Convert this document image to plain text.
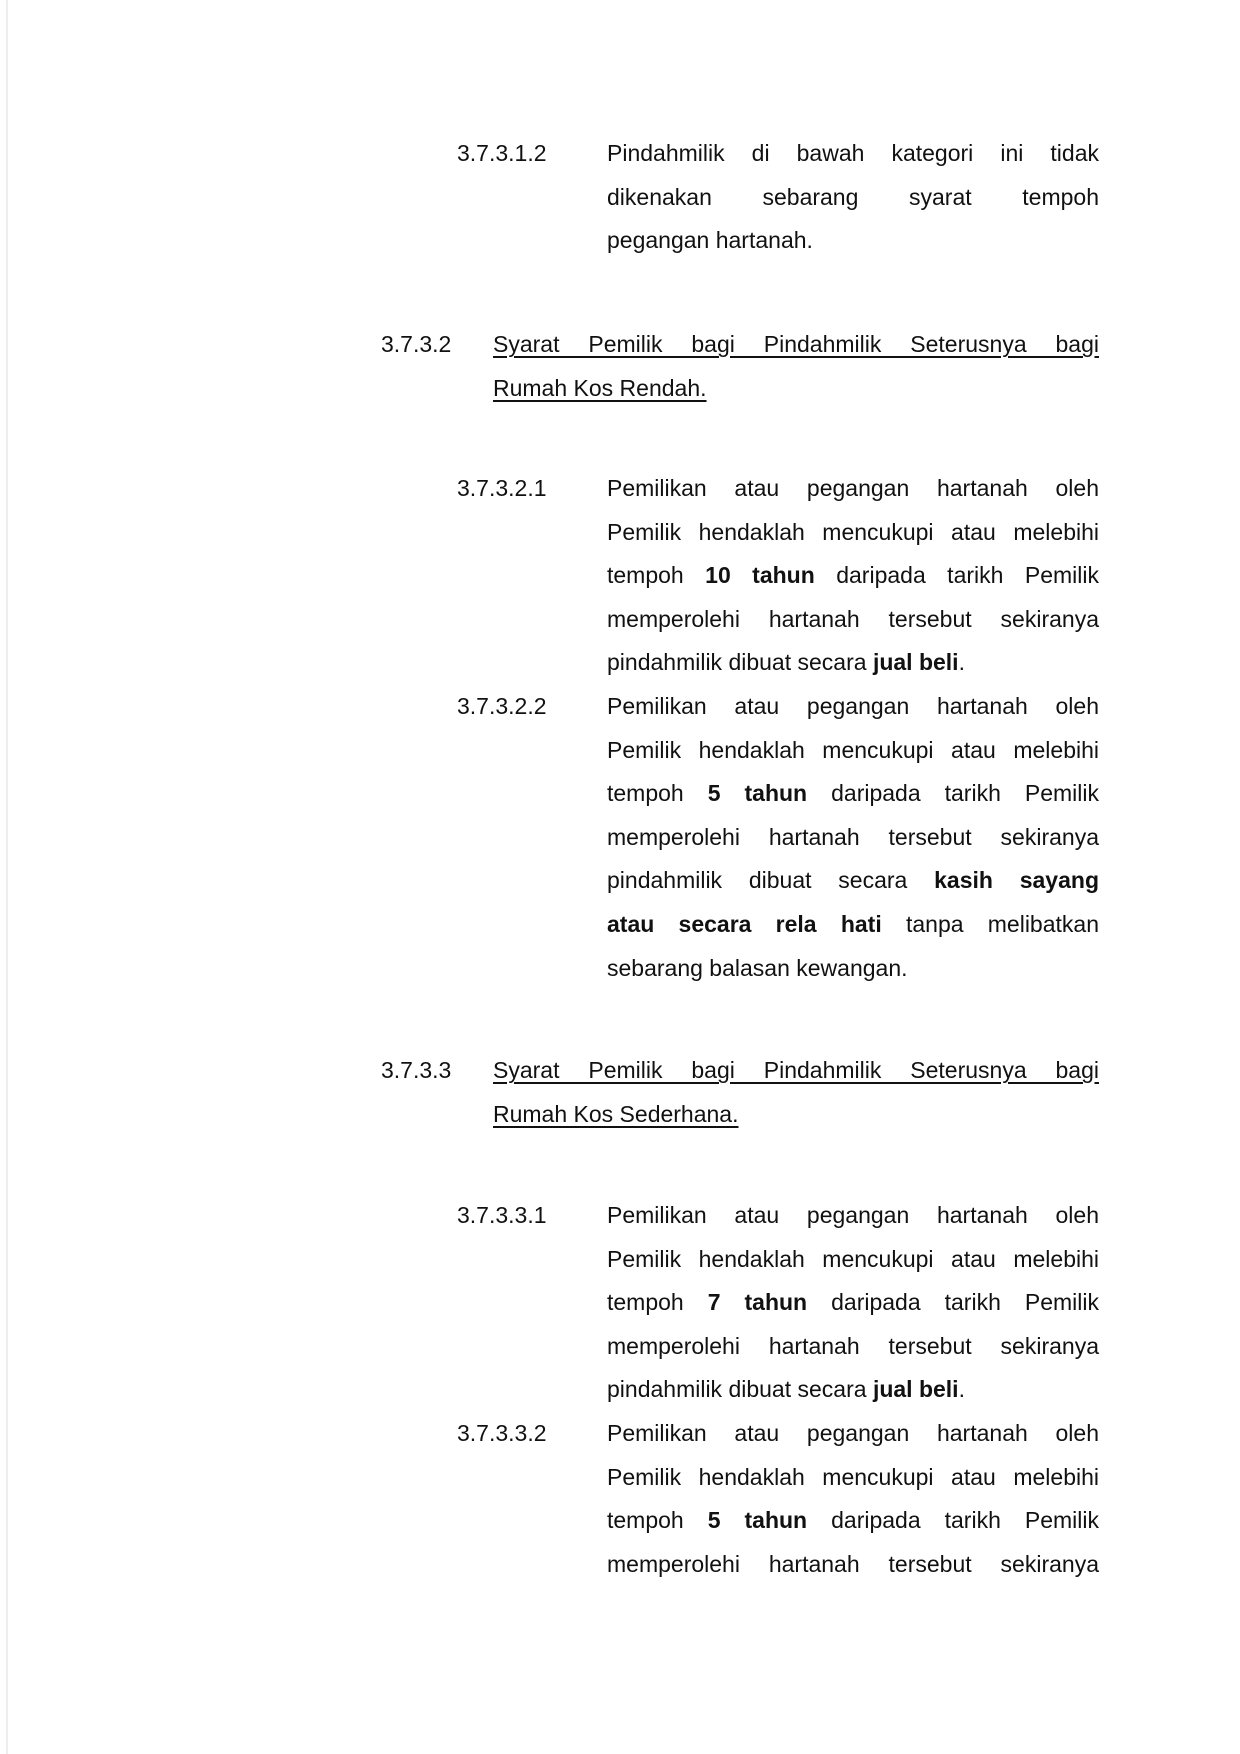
3.7.3.1.2	Pindahmilik di bawah kategori ini tidak
dikenakan sebarang syarat tempoh
pegangan hartanah.
3.7.3.2 Syarat Pemilik bagi Pindahmilik Seterusnya bagi
Rumah Kos Rendah.
3.7.3.2.1	Pemilikan atau pegangan hartanah oleh
Pemilik hendaklah mencukupi atau melebihi
tempoh 10 tahun daripada tarikh Pemilik
memperolehi hartanah tersebut sekiranya
pindahmilik dibuat secara jual beli.
3.7.3.2.2	Pemilikan atau pegangan hartanah oleh
Pemilik hendaklah mencukupi atau melebihi
tempoh 5 tahun daripada tarikh Pemilik
memperolehi hartanah tersebut sekiranya
pindahmilik dibuat secara kasih sayang
atau secara rela hati tanpa melibatkan
sebarang balasan kewangan.
3.7.3.3 Syarat Pemilik bagi Pindahmilik Seterusnya bagi
Rumah Kos Sederhana.
3.7.3.3.1	Pemilikan atau pegangan hartanah oleh
Pemilik hendaklah mencukupi atau melebihi
tempoh 7 tahun daripada tarikh Pemilik
memperolehi hartanah tersebut sekiranya
pindahmilik dibuat secara jual beli.
3.7.3.3.2	Pemilikan atau pegangan hartanah oleh
Pemilik hendaklah mencukupi atau melebihi
tempoh 5 tahun daripada tarikh Pemilik
memperolehi hartanah tersebut sekiranya
